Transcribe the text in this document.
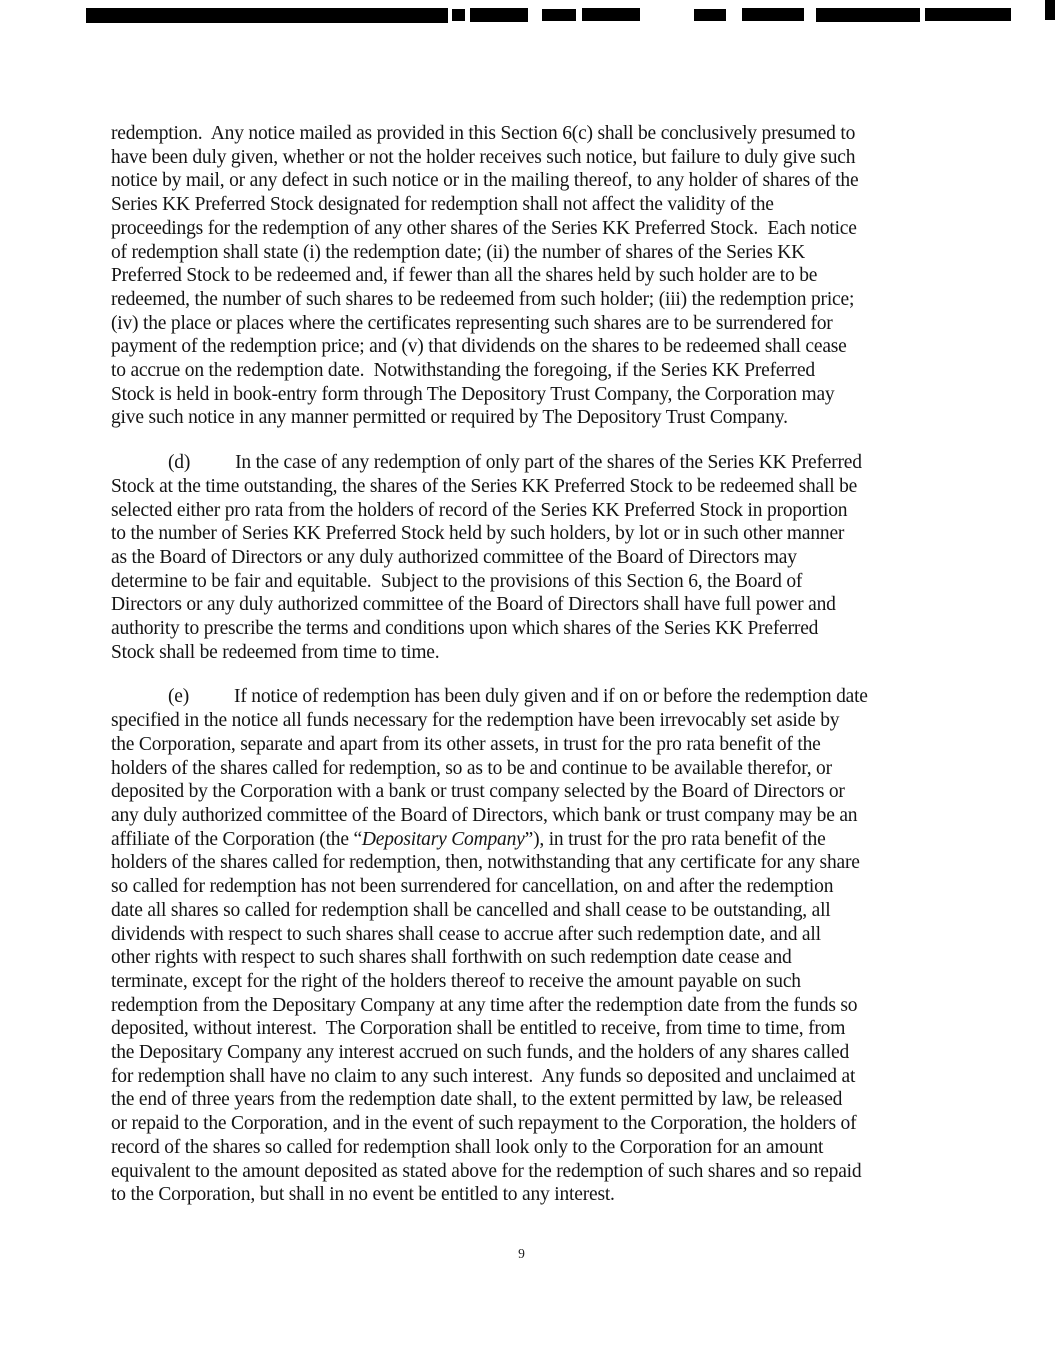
redemption.  Any notice mailed as provided in this Section 6(c) shall be conclusively presumed to
have been duly given, whether or not the holder receives such notice, but failure to duly give such
notice by mail, or any defect in such notice or in the mailing thereof, to any holder of shares of the
Series KK Preferred Stock designated for redemption shall not affect the validity of the
proceedings for the redemption of any other shares of the Series KK Preferred Stock.  Each notice
of redemption shall state (i) the redemption date; (ii) the number of shares of the Series KK
Preferred Stock to be redeemed and, if fewer than all the shares held by such holder are to be
redeemed, the number of such shares to be redeemed from such holder; (iii) the redemption price;
(iv) the place or places where the certificates representing such shares are to be surrendered for
payment of the redemption price; and (v) that dividends on the shares to be redeemed shall cease
to accrue on the redemption date.  Notwithstanding the foregoing, if the Series KK Preferred
Stock is held in book-entry form through The Depository Trust Company, the Corporation may
give such notice in any manner permitted or required by The Depository Trust Company.
(d) In the case of any redemption of only part of the shares of the Series KK Preferred
Stock at the time outstanding, the shares of the Series KK Preferred Stock to be redeemed shall be
selected either pro rata from the holders of record of the Series KK Preferred Stock in proportion
to the number of Series KK Preferred Stock held by such holders, by lot or in such other manner
as the Board of Directors or any duly authorized committee of the Board of Directors may
determine to be fair and equitable.  Subject to the provisions of this Section 6, the Board of
Directors or any duly authorized committee of the Board of Directors shall have full power and
authority to prescribe the terms and conditions upon which shares of the Series KK Preferred
Stock shall be redeemed from time to time.
(e) If notice of redemption has been duly given and if on or before the redemption date
specified in the notice all funds necessary for the redemption have been irrevocably set aside by
the Corporation, separate and apart from its other assets, in trust for the pro rata benefit of the
holders of the shares called for redemption, so as to be and continue to be available therefor, or
deposited by the Corporation with a bank or trust company selected by the Board of Directors or
any duly authorized committee of the Board of Directors, which bank or trust company may be an
affiliate of the Corporation (the “Depositary Company”), in trust for the pro rata benefit of the
holders of the shares called for redemption, then, notwithstanding that any certificate for any share
so called for redemption has not been surrendered for cancellation, on and after the redemption
date all shares so called for redemption shall be cancelled and shall cease to be outstanding, all
dividends with respect to such shares shall cease to accrue after such redemption date, and all
other rights with respect to such shares shall forthwith on such redemption date cease and
terminate, except for the right of the holders thereof to receive the amount payable on such
redemption from the Depositary Company at any time after the redemption date from the funds so
deposited, without interest.  The Corporation shall be entitled to receive, from time to time, from
the Depositary Company any interest accrued on such funds, and the holders of any shares called
for redemption shall have no claim to any such interest.  Any funds so deposited and unclaimed at
the end of three years from the redemption date shall, to the extent permitted by law, be released
or repaid to the Corporation, and in the event of such repayment to the Corporation, the holders of
record of the shares so called for redemption shall look only to the Corporation for an amount
equivalent to the amount deposited as stated above for the redemption of such shares and so repaid
to the Corporation, but shall in no event be entitled to any interest.
9
